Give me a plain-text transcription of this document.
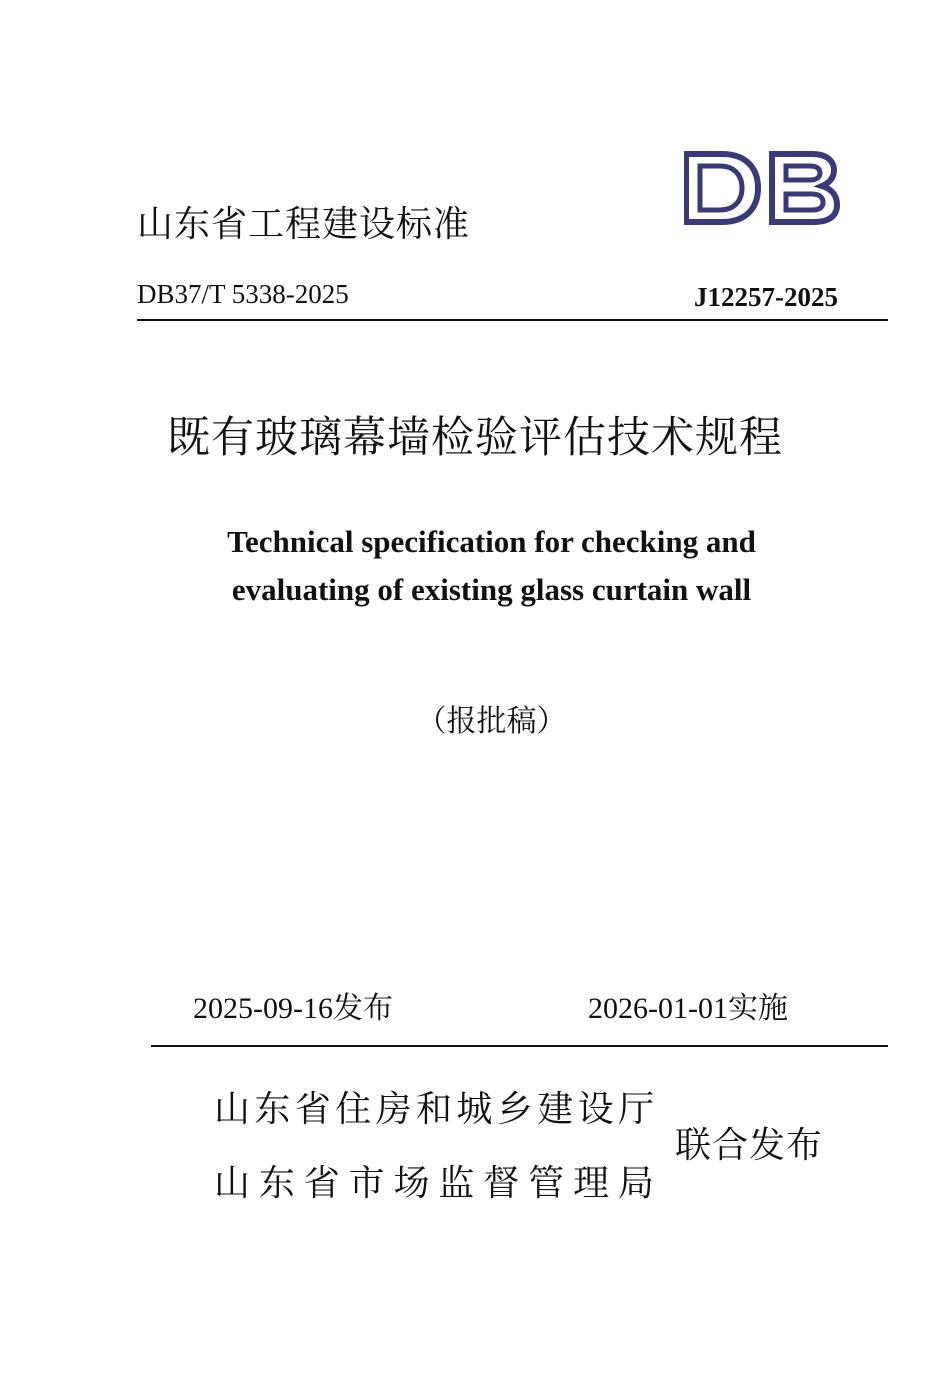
山东省工程建设标准
DB37/T 5338-2025	J12257-2025
既有玻璃幕墙检验评估技术规程
Technical specification for checking and
evaluating of existing glass curtain wall
（报批稿）
2025-09-16发布	2026-01-01实施
山东省住房和城乡建设厅
山东省市场监督管理局
联合发布
